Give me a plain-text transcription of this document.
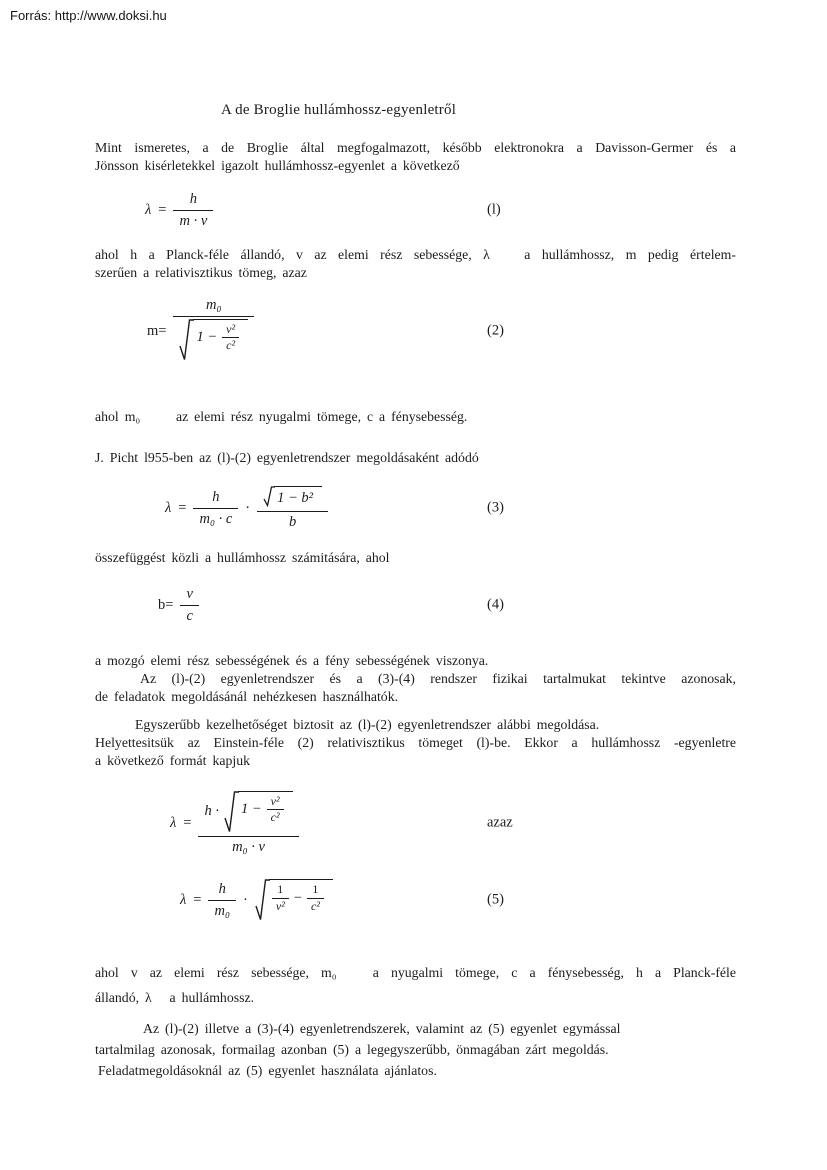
Forrás: http://www.doksi.hu
A de Broglie hullámhossz-egyenletről
Mint ismeretes, a de Broglie által megfogalmazott, később elektronokra a Davisson-Germer és a
Jönsson kisérletekkel igazolt hullámhossz-egyenlet a következő
$\lambda = \frac{h}{m \cdot v}$	(l)
ahol h a Planck-féle állandó, v az elemi rész sebessége, λ   a hullámhossz, m pedig értelem-
szerűen a relativisztikus tömeg, azaz
$m= \frac{\text{m₀}}{1 - \frac{\text{v²}}{\text{c²}}}$	(2)
ahol m₀      az elemi rész nyugalmi tömege, c a fénysebesség.
J. Picht l955-ben az (l)-(2) egyenletrendszer megoldásaként adódó
$\lambda = \frac{h}{\text{m₀ · c}} \cdot \frac{\text{1 − b²}}{b}$	(3)
összefüggést közli a hullámhossz számitására, ahol
$b= \frac{v}{c}$	(4)
a mozgó elemi rész sebességének és a fény sebességének viszonya.
Az (l)-(2) egyenletrendszer és a (3)-(4) rendszer fizikai tartalmukat tekintve azonosak,
de feladatok megoldásánál nehézkesen használhatók.
Egyszerűbb kezelhetőséget biztosit az (l)-(2) egyenletrendszer alábbi megoldása.
Helyettesitsük az Einstein-féle (2) relativisztikus tömeget (l)-be. Ekkor a hullámhossz -egyenletre
a következő formát kapjuk
λ =
$h \cdot 1 - \frac{\text{v²}}{\text{c²}}$
m₀ · v
azaz
$\lambda = \frac{h}{\text{m₀}} \cdot \frac{1}{\text{v²}} - \frac{1}{\text{c²}}$	(5)
ahol v az elemi rész sebessége, m₀   a nyugalmi tömege, c a fénysebesség, h a Planck-féle
állandó, λ   a hullámhossz.
Az (l)-(2) illetve a (3)-(4) egyenletrendszerek, valamint az (5) egyenlet egymással
tartalmilag azonosak, formailag azonban (5) a legegyszerűbb, önmagában zárt megoldás.
Feladatmegoldásoknál az (5) egyenlet használata ajánlatos.
